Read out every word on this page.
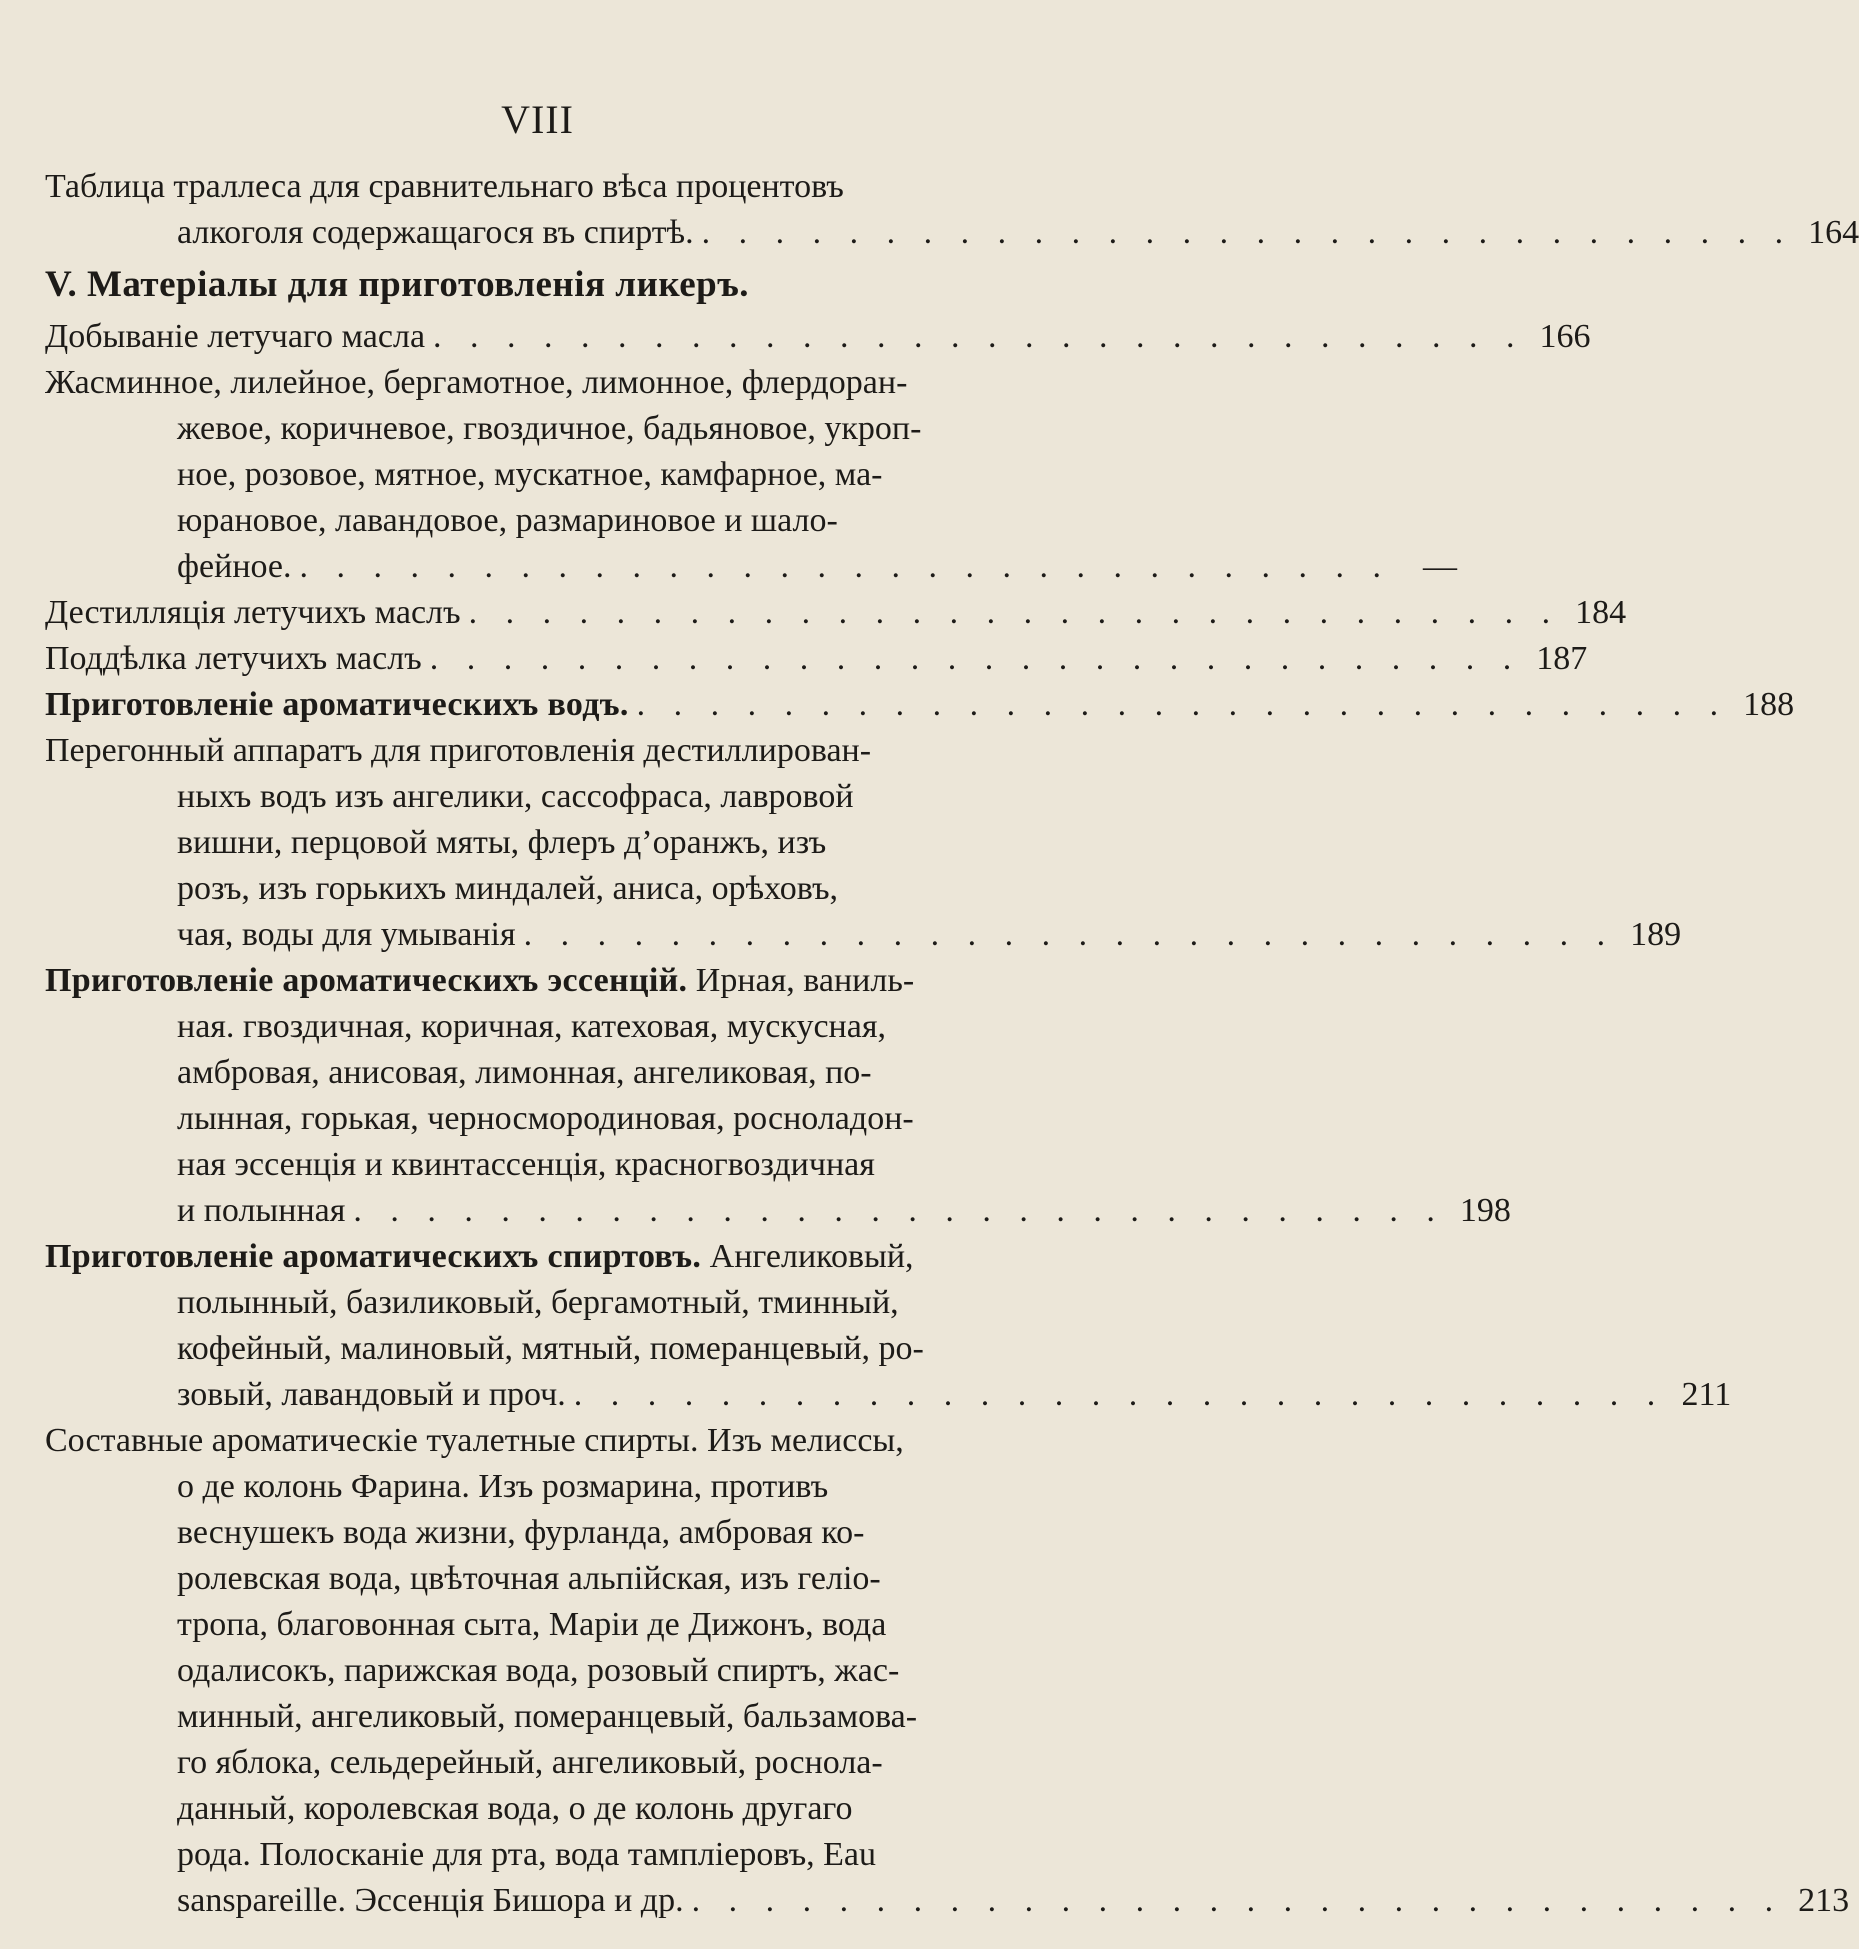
VIII
Таблица траллеса для сравнительнаго вѣса процентовъ
алкоголя содержащагося въ спиртѣ. . . . . . . . . . . . . . . . . . . . . . . . . . . . . . . 164
V. Матеріалы для приготовленія ликеръ.
Добываніе летучаго масла . . . . . . . . . . . . . . . . . . . . . . . . . . . . . . 166
Жасминное, лилейное, бергамотное, лимонное, флердоран-
жевое, коричневое, гвоздичное, бадьяновое, укроп-
ное, розовое, мятное, мускатное, камфарное, ма-
юрановое, лавандовое, размариновое и шало-
фейное. . . . . . . . . . . . . . . . . . . . . . . . . . . . . . . —
Дестилляція летучихъ маслъ . . . . . . . . . . . . . . . . . . . . . . . . . . . . . . 184
Поддѣлка летучихъ маслъ . . . . . . . . . . . . . . . . . . . . . . . . . . . . . . 187
Приготовленіе ароматическихъ водъ. . . . . . . . . . . . . . . . . . . . . . . . . . . . . . . 188
Перегонный аппаратъ для приготовленія дестиллирован-
ныхъ водъ изъ ангелики, сассофраса, лавровой
вишни, перцовой мяты, флеръ д’оранжъ, изъ
розъ, изъ горькихъ миндалей, аниса, орѣховъ,
чая, воды для умыванія . . . . . . . . . . . . . . . . . . . . . . . . . . . . . . 189
Приготовленіе ароматическихъ эссенцій. Ирная, ваниль-
ная. гвоздичная, коричная, катеховая, мускусная,
амбровая, анисовая, лимонная, ангеликовая, по-
лынная, горькая, черносмородиновая, росноладон-
ная эссенція и квинтассенція, красногвоздичная
и полынная . . . . . . . . . . . . . . . . . . . . . . . . . . . . . . 198
Приготовленіе ароматическихъ спиртовъ. Ангеликовый,
полынный, базиликовый, бергамотный, тминный,
кофейный, малиновый, мятный, померанцевый, ро-
зовый, лавандовый и проч. . . . . . . . . . . . . . . . . . . . . . . . . . . . . . . 211
Составные ароматическіе туалетные спирты. Изъ мелиссы,
о де колонь Фарина. Изъ розмарина, противъ
веснушекъ вода жизни, фурланда, амбровая ко-
ролевская вода, цвѣточная альпійская, изъ геліо-
тропа, благовонная сыта, Маріи де Дижонъ, вода
одалисокъ, парижская вода, розовый спиртъ, жас-
минный, ангеликовый, померанцевый, бальзамова-
го яблока, сельдерейный, ангеликовый, роснола-
данный, королевская вода, о де колонь другаго
рода. Полосканіе для рта, вода тампліеровъ, Eau
sanspareille. Эссенція Бишора и др. . . . . . . . . . . . . . . . . . . . . . . . . . . . . . . 213
